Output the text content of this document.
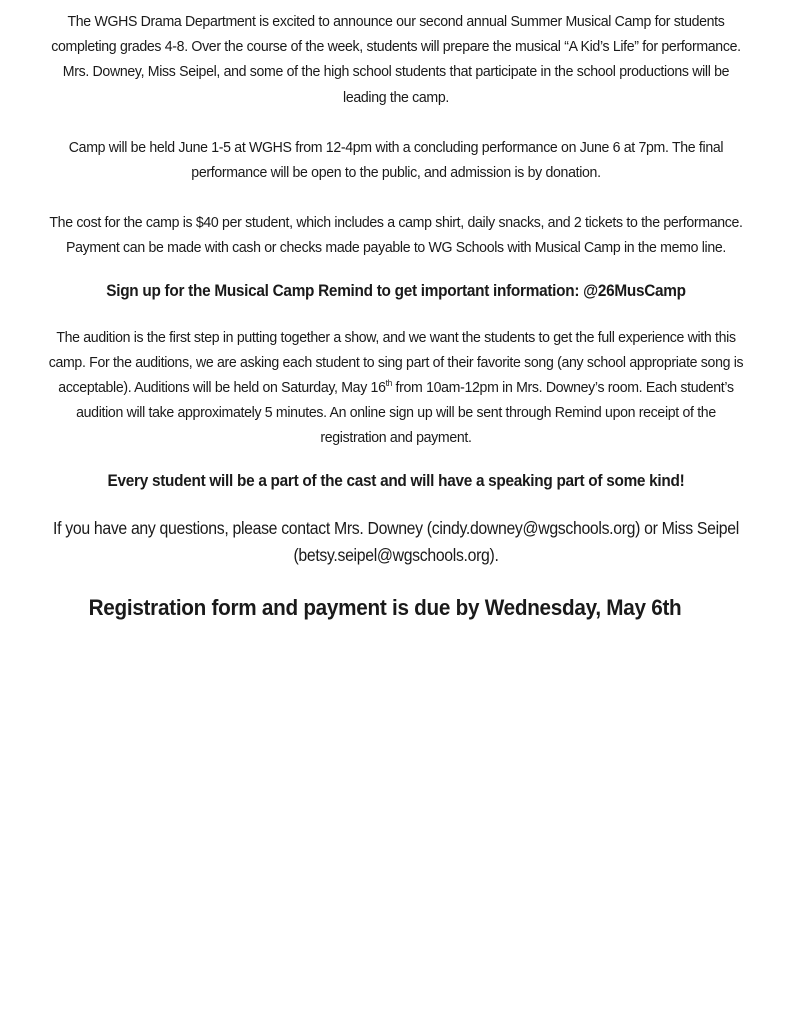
The WGHS Drama Department is excited to announce our second annual Summer Musical Camp for students completing grades 4-8. Over the course of the week, students will prepare the musical “A Kid’s Life” for performance. Mrs. Downey, Miss Seipel, and some of the high school students that participate in the school productions will be leading the camp.

Camp will be held June 1-5 at WGHS from 12-4pm with a concluding performance on June 6 at 7pm. The final performance will be open to the public, and admission is by donation.

The cost for the camp is $40 per student, which includes a camp shirt, daily snacks, and 2 tickets to the performance. Payment can be made with cash or checks made payable to WG Schools with Musical Camp in the memo line.

Sign up for the Musical Camp Remind to get important information: @26MusCamp

The audition is the first step in putting together a show, and we want the students to get the full experience with this camp. For the auditions, we are asking each student to sing part of their favorite song (any school appropriate song is acceptable). Auditions will be held on Saturday, May 16th from 10am-12pm in Mrs. Downey’s room. Each student’s audition will take approximately 5 minutes. An online sign up will be sent through Remind upon receipt of the registration and payment.

Every student will be a part of the cast and will have a speaking part of some kind!

If you have any questions, please contact Mrs. Downey (cindy.downey@wgschools.org) or Miss Seipel (betsy.seipel@wgschools.org).

Registration form and payment is due by Wednesday, May 6th
